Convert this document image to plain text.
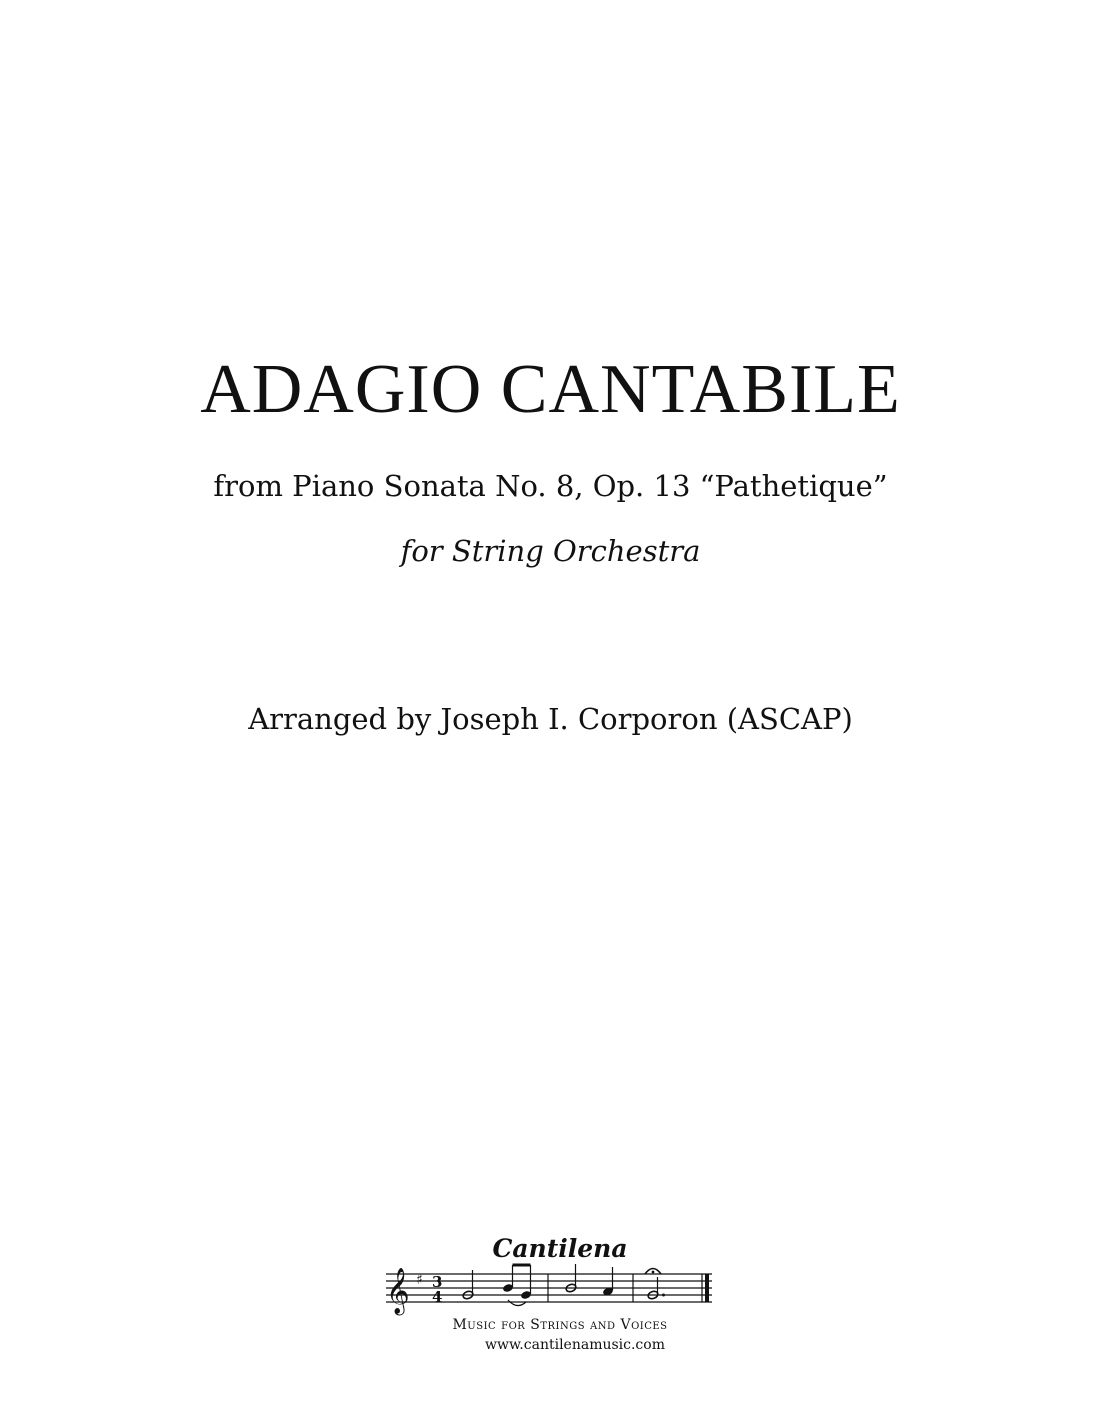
ADAGIO CANTABILE
from Piano Sonata No. 8, Op. 13 “Pathetique”
for String Orchestra
Arranged by Joseph I. Corporon (ASCAP)
Cantilena
𝄞 ♯ 3
4
Music for Strings and Voices
www.cantilenamusic.com
